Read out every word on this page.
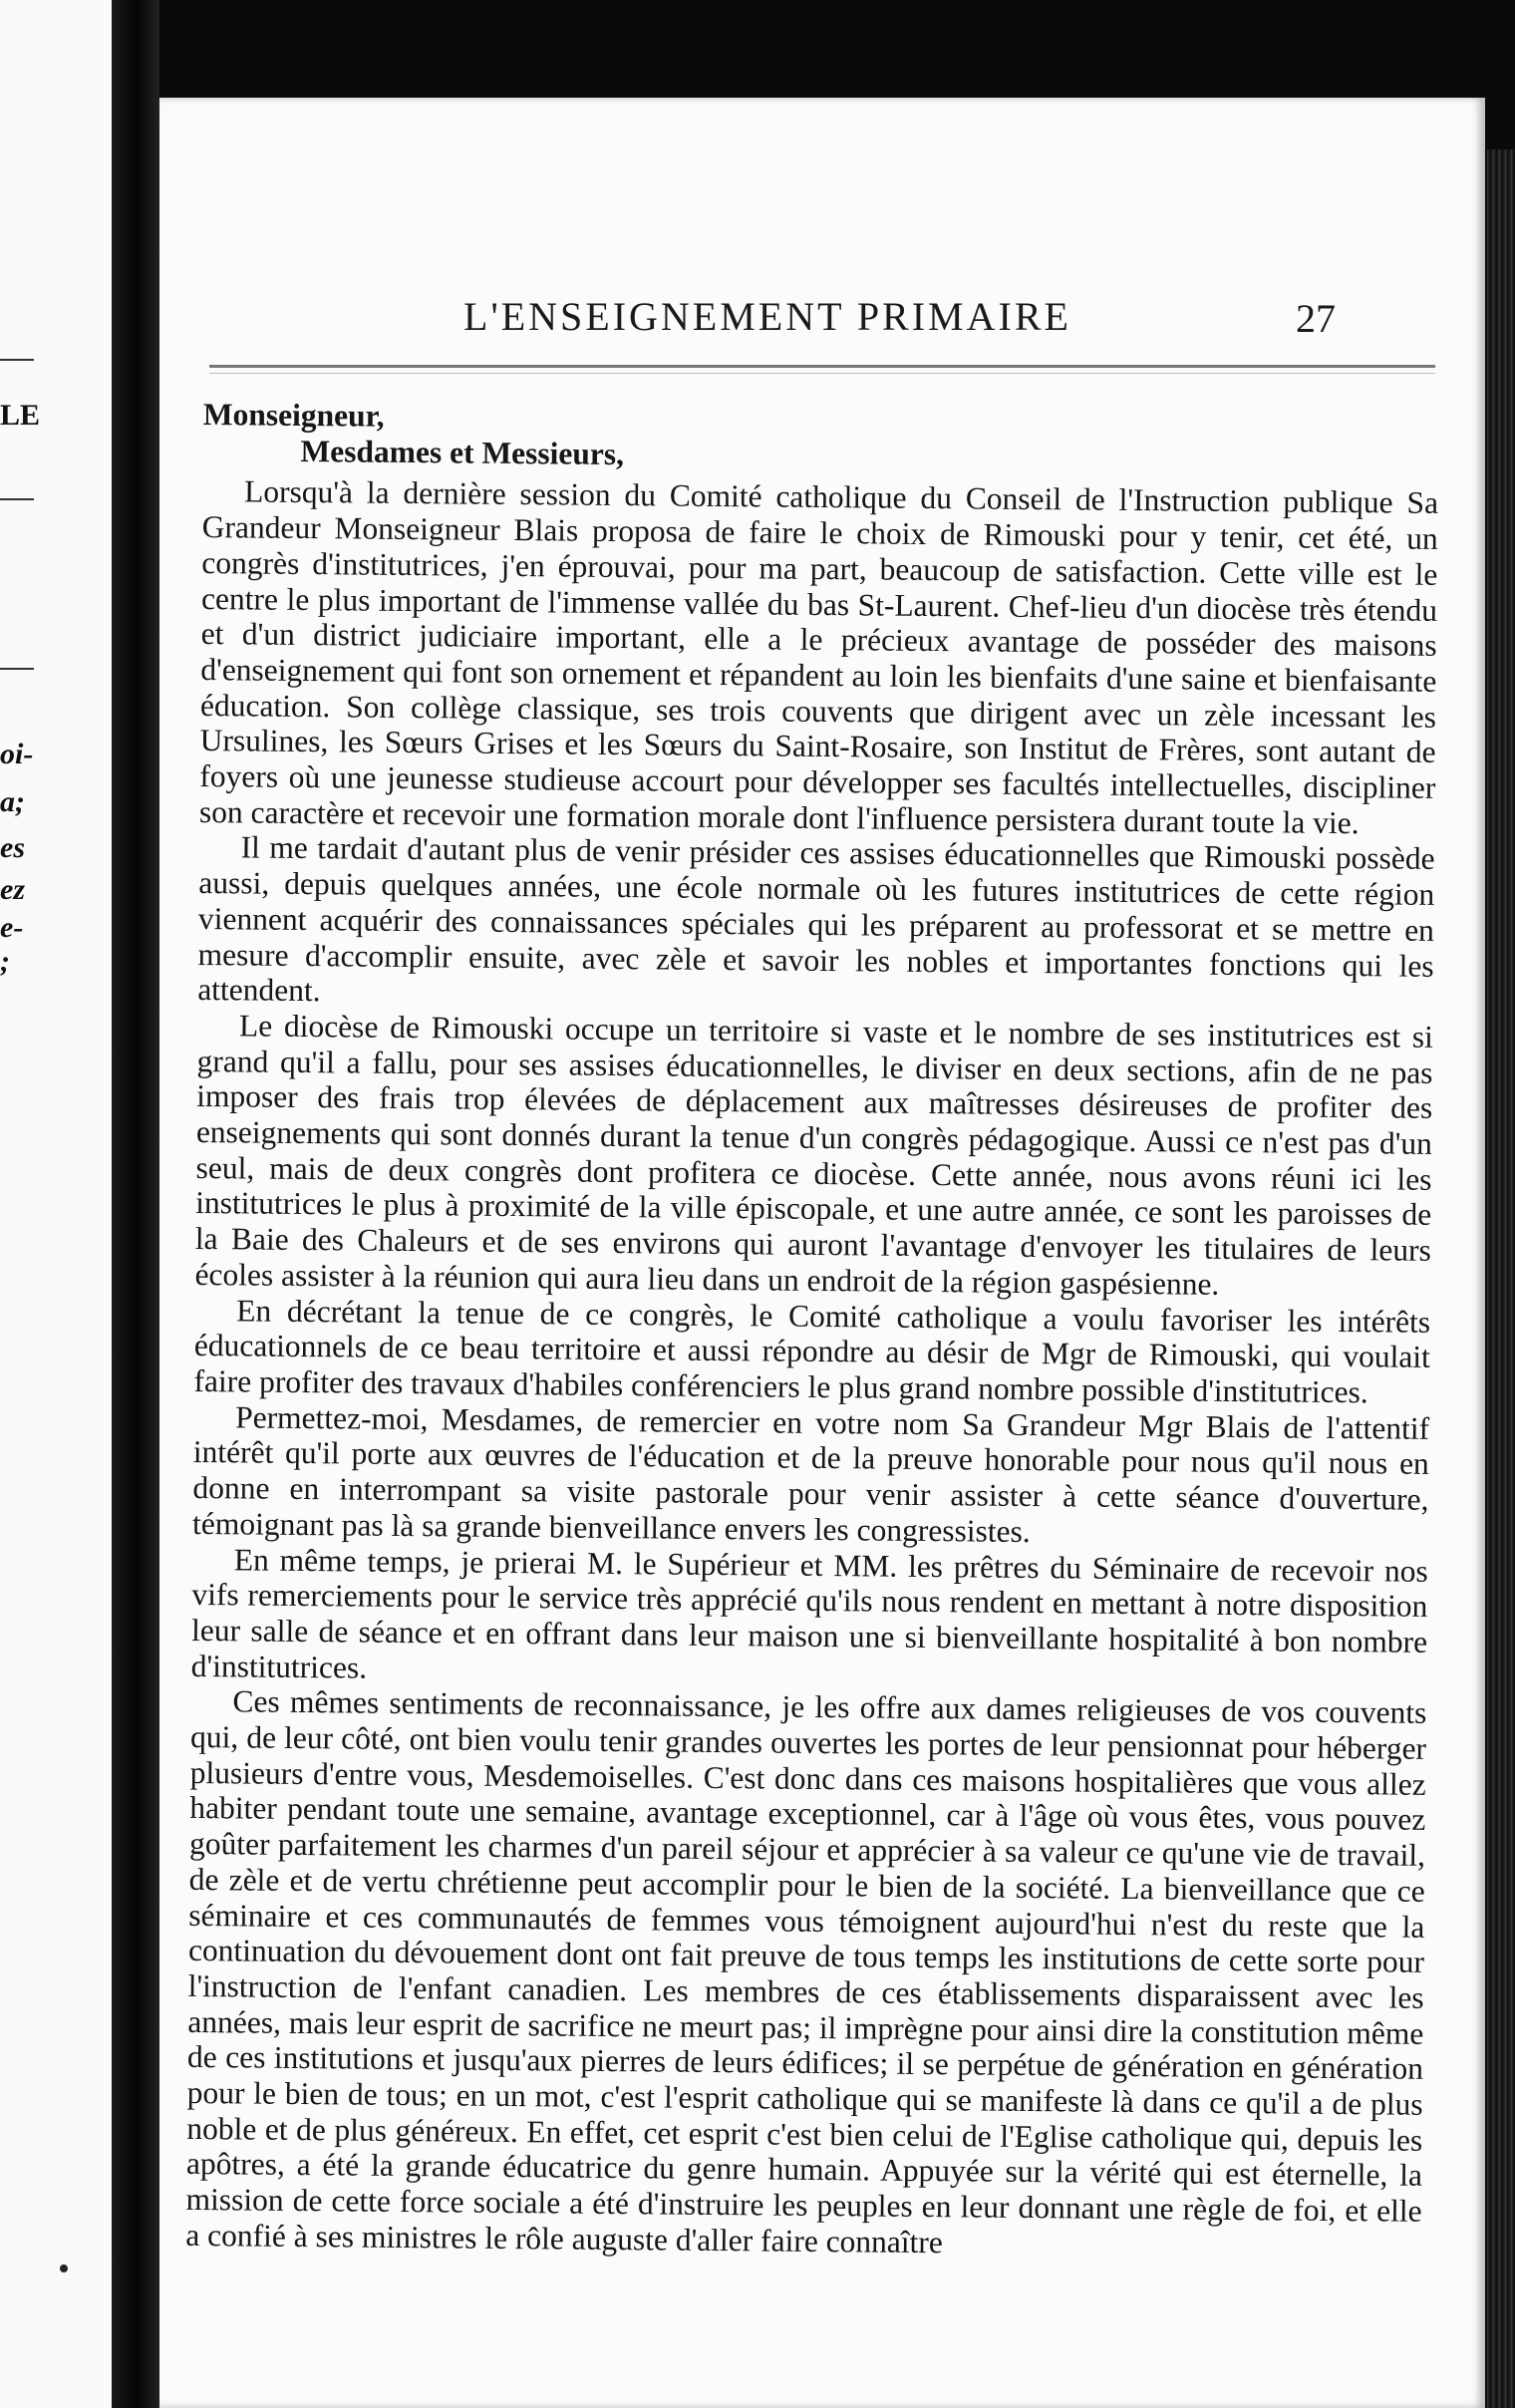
LE
oi-
a;
es
ez
e-
;
L'ENSEIGNEMENT PRIMAIRE	27

Monseigneur,

Mesdames et Messieurs,

Lorsqu'à la dernière session du Comité catholique du Conseil de l'Instruction publique Sa Grandeur Monseigneur Blais proposa de faire le choix de Rimouski pour y tenir, cet été, un congrès d'institutrices, j'en éprouvai, pour ma part, beaucoup de satisfaction. Cette ville est le centre le plus important de l'immense vallée du bas St-Laurent. Chef-lieu d'un diocèse très étendu et d'un district judiciaire important, elle a le précieux avantage de posséder des maisons d'enseignement qui font son ornement et répandent au loin les bienfaits d'une saine et bienfaisante éducation. Son collège classique, ses trois couvents que dirigent avec un zèle incessant les Ursulines, les Sœurs Grises et les Sœurs du Saint-Rosaire, son Institut de Frères, sont autant de foyers où une jeunesse studieuse accourt pour développer ses facultés intellectuelles, discipliner son caractère et recevoir une formation morale dont l'influence persistera durant toute la vie.

Il me tardait d'autant plus de venir présider ces assises éducationnelles que Rimouski possède aussi, depuis quelques années, une école normale où les futures institutrices de cette région viennent acquérir des connaissances spéciales qui les préparent au professorat et se mettre en mesure d'accomplir ensuite, avec zèle et savoir les nobles et importantes fonctions qui les attendent.

Le diocèse de Rimouski occupe un territoire si vaste et le nombre de ses institutrices est si grand qu'il a fallu, pour ses assises éducationnelles, le diviser en deux sections, afin de ne pas imposer des frais trop élevées de déplacement aux maîtresses désireuses de profiter des enseignements qui sont donnés durant la tenue d'un congrès pédagogique. Aussi ce n'est pas d'un seul, mais de deux congrès dont profitera ce diocèse. Cette année, nous avons réuni ici les institutrices le plus à proximité de la ville épiscopale, et une autre année, ce sont les paroisses de la Baie des Chaleurs et de ses environs qui auront l'avantage d'envoyer les titulaires de leurs écoles assister à la réunion qui aura lieu dans un endroit de la région gaspésienne.

En décrétant la tenue de ce congrès, le Comité catholique a voulu favoriser les intérêts éducationnels de ce beau territoire et aussi répondre au désir de Mgr de Rimouski, qui voulait faire profiter des travaux d'habiles conférenciers le plus grand nombre possible d'institutrices.

Permettez-moi, Mesdames, de remercier en votre nom Sa Grandeur Mgr Blais de l'attentif intérêt qu'il porte aux œuvres de l'éducation et de la preuve honorable pour nous qu'il nous en donne en interrompant sa visite pastorale pour venir assister à cette séance d'ouverture, témoignant pas là sa grande bienveillance envers les congressistes.

En même temps, je prierai M. le Supérieur et MM. les prêtres du Séminaire de recevoir nos vifs remerciements pour le service très apprécié qu'ils nous rendent en mettant à notre disposition leur salle de séance et en offrant dans leur maison une si bienveillante hospitalité à bon nombre d'institutrices.

Ces mêmes sentiments de reconnaissance, je les offre aux dames religieuses de vos couvents qui, de leur côté, ont bien voulu tenir grandes ouvertes les portes de leur pensionnat pour héberger plusieurs d'entre vous, Mesdemoiselles. C'est donc dans ces maisons hospitalières que vous allez habiter pendant toute une semaine, avantage exceptionnel, car à l'âge où vous êtes, vous pouvez goûter parfaitement les charmes d'un pareil séjour et apprécier à sa valeur ce qu'une vie de travail, de zèle et de vertu chrétienne peut accomplir pour le bien de la société. La bienveillance que ce séminaire et ces communautés de femmes vous témoignent aujourd'hui n'est du reste que la continuation du dévouement dont ont fait preuve de tous temps les institutions de cette sorte pour l'instruction de l'enfant canadien. Les membres de ces établissements disparaissent avec les années, mais leur esprit de sacrifice ne meurt pas; il imprègne pour ainsi dire la constitution même de ces institutions et jusqu'aux pierres de leurs édifices; il se perpétue de génération en génération pour le bien de tous; en un mot, c'est l'esprit catholique qui se manifeste là dans ce qu'il a de plus noble et de plus généreux. En effet, cet esprit c'est bien celui de l'Eglise catholique qui, depuis les apôtres, a été la grande éducatrice du genre humain. Appuyée sur la vérité qui est éternelle, la mission de cette force sociale a été d'instruire les peuples en leur donnant une règle de foi, et elle a confié à ses ministres le rôle auguste d'aller faire connaître
